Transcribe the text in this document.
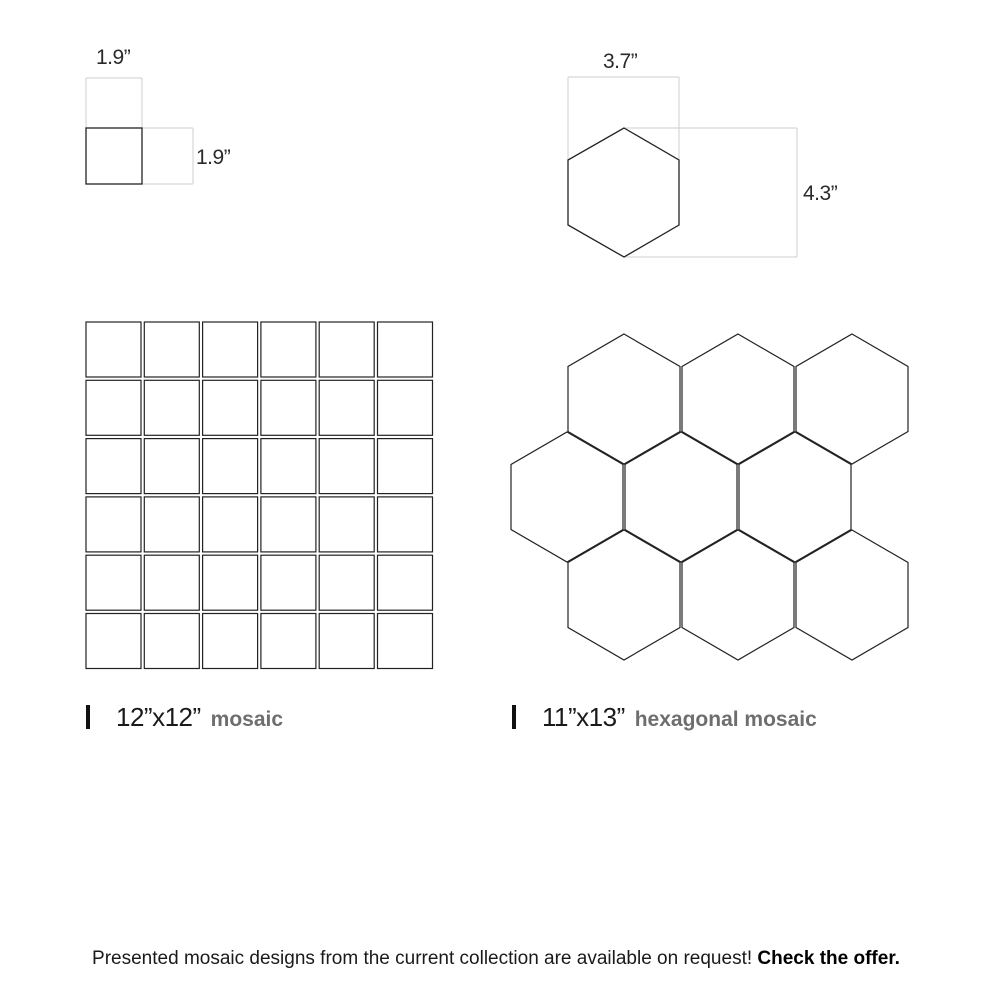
1.9”
1.9”
3.7”
4.3”
12”x12” mosaic	11”x13” hexagonal mosaic
Presented mosaic designs from the current collection are available on request! Check the offer.
